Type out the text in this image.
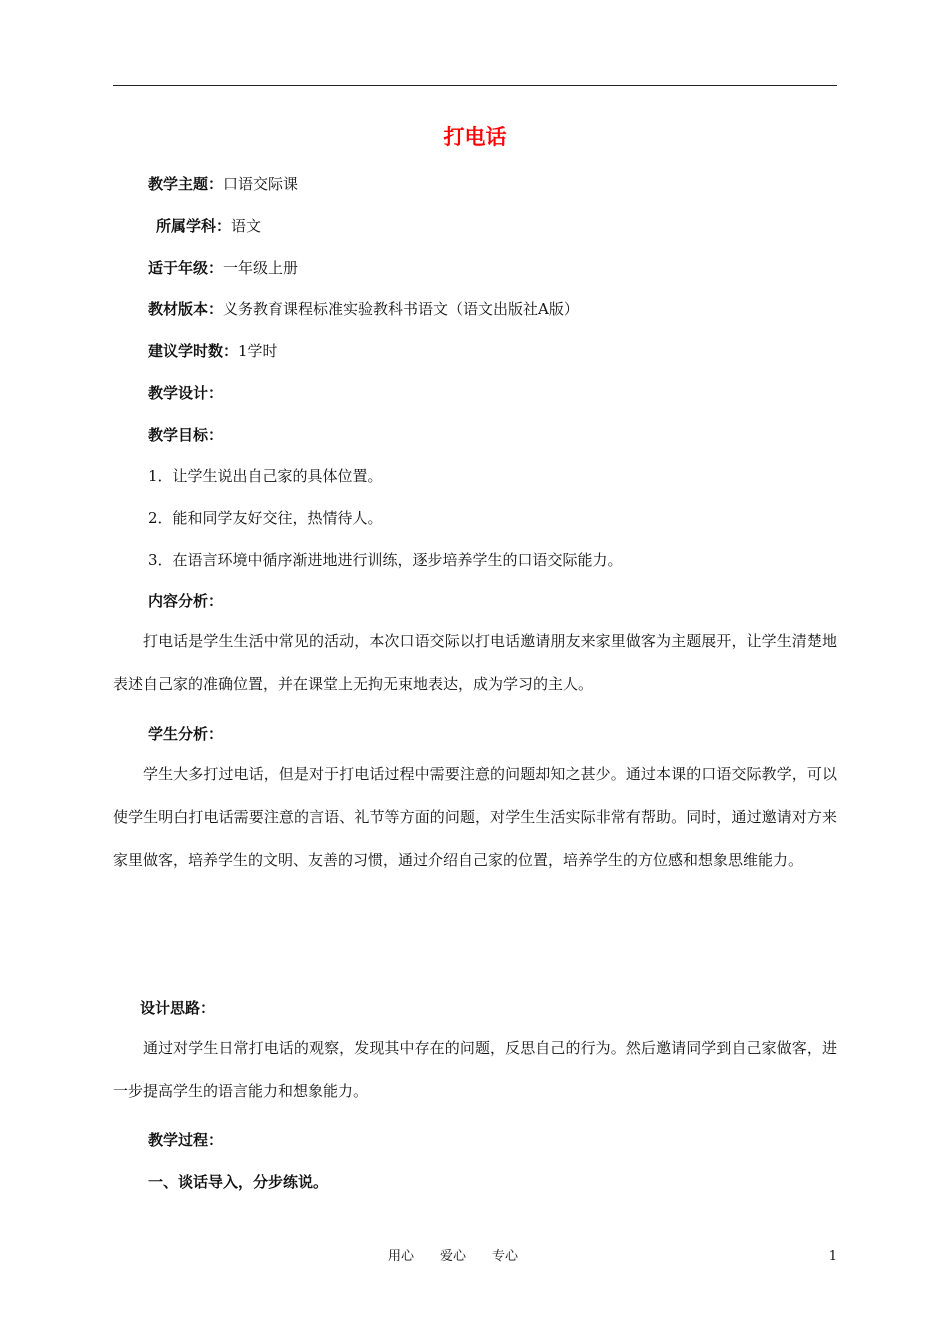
打电话
教学主题：口语交际课
所属学科：语文
适于年级：一年级上册
教材版本：义务教育课程标准实验教科书语文（语文出版社A版）
建议学时数：1学时
教学设计：
教学目标：
1．让学生说出自己家的具体位置。
2．能和同学友好交往，热情待人。
3．在语言环境中循序渐进地进行训练，逐步培养学生的口语交际能力。
内容分析：

打电话是学生生活中常见的活动，本次口语交际以打电话邀请朋友来家里做客为主题展开，让学生清楚地表述自己家的准确位置，并在课堂上无拘无束地表达，成为学习的主人。

学生分析：

学生大多打过电话，但是对于打电话过程中需要注意的问题却知之甚少。通过本课的口语交际教学，可以使学生明白打电话需要注意的言语、礼节等方面的问题，对学生生活实际非常有帮助。同时，通过邀请对方来家里做客，培养学生的文明、友善的习惯，通过介绍自己家的位置，培养学生的方位感和想象思维能力。

设计思路：

通过对学生日常打电话的观察，发现其中存在的问题，反思自己的行为。然后邀请同学到自己家做客，进一步提高学生的语言能力和想象能力。

教学过程：
一、谈话导入，分步练说。
用心 爱心 专心	1
